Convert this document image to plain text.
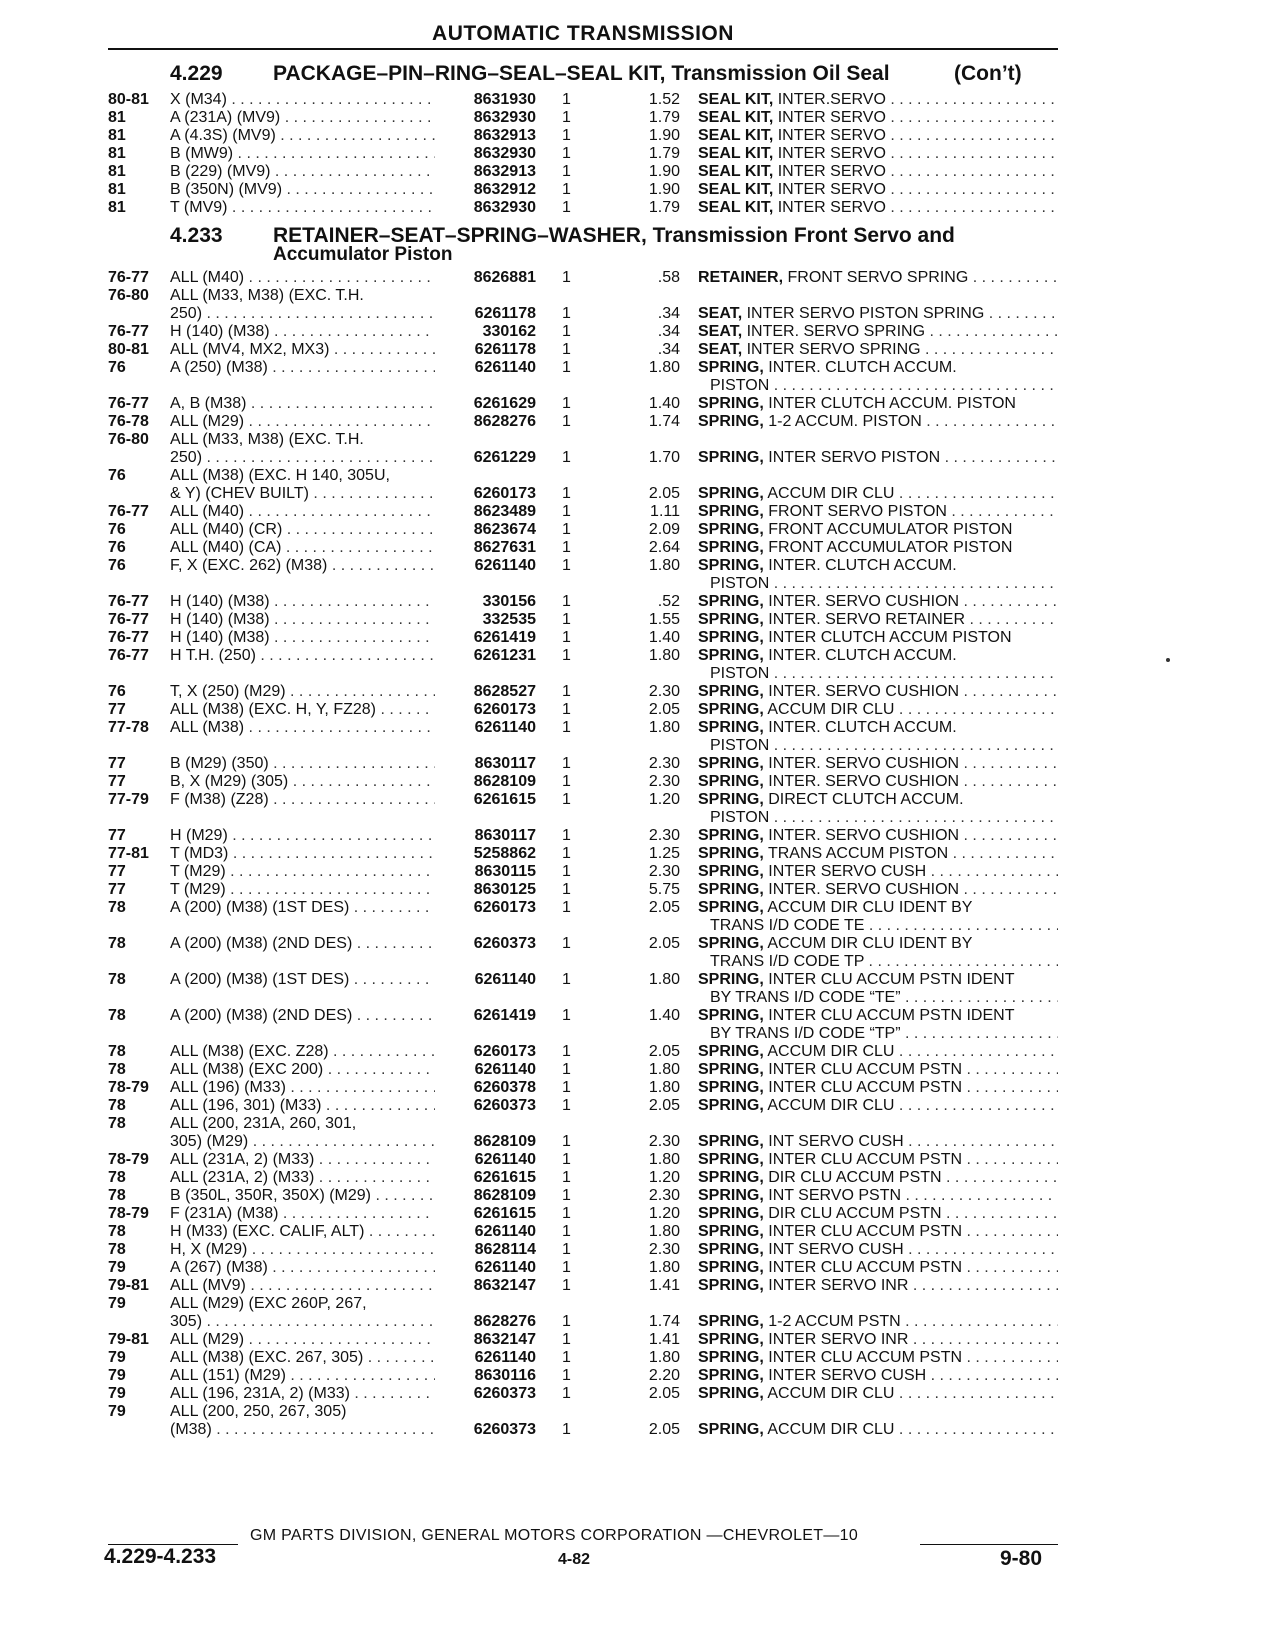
AUTOMATIC TRANSMISSION
4.229 PACKAGE–PIN–RING–SEAL–SEAL KIT, Transmission Oil Seal	(Con’t)
4.233 RETAINER–SEAT–SPRING–WASHER, Transmission Front Servo and
Accumulator Piston
80-81 X (M34) . . .	8631930 1	1.52 SEAL KIT, INTER.SERVO . . .
81	A (231A) (MV9) . . .	8632930 1	1.79 SEAL KIT, INTER SERVO . . .
81	A (4.3S) (MV9) . . .	8632913 1	1.90 SEAL KIT, INTER SERVO . . .
81	B (MW9) . . .	8632930 1	1.79 SEAL KIT, INTER SERVO . . .
81	B (229) (MV9) . . .	8632913 1	1.90 SEAL KIT, INTER SERVO . . .
81	B (350N) (MV9) . . .	8632912 1	1.90 SEAL KIT, INTER SERVO . . .
81	T (MV9) . . .	8632930 1	1.79 SEAL KIT, INTER SERVO . . .
76-77 ALL (M40) . . .	8626881 1	.58 RETAINER, FRONT SERVO SPRING . . .
76-80 ALL (M33, M38) (EXC. T.H.
250) . . .	6261178 1	.34 SEAT, INTER SERVO PISTON SPRING . . .
76-77 H (140) (M38) . . .	330162 1	.34 SEAT, INTER. SERVO SPRING . . .
80-81 ALL (MV4, MX2, MX3) . . .	6261178 1	.34 SEAT, INTER SERVO SPRING . . .
76	A (250) (M38) . . .	6261140 1	1.80 SPRING, INTER. CLUTCH ACCUM.
PISTON . . .
76-77 A, B (M38) . . .	6261629 1	1.40 SPRING, INTER CLUTCH ACCUM. PISTON
76-78 ALL (M29) . . .	8628276 1	1.74 SPRING, 1-2 ACCUM. PISTON . . .
76-80 ALL (M33, M38) (EXC. T.H.
250) . . .	6261229 1	1.70 SPRING, INTER SERVO PISTON . . .
76	ALL (M38) (EXC. H 140, 305U,
& Y) (CHEV BUILT) . . .	6260173 1	2.05 SPRING, ACCUM DIR CLU . . .
76-77 ALL (M40) . . .	8623489 1	1.11 SPRING, FRONT SERVO PISTON . . .
76	ALL (M40) (CR) . . .	8623674 1	2.09 SPRING, FRONT ACCUMULATOR PISTON
76	ALL (M40) (CA) . . .	8627631 1	2.64 SPRING, FRONT ACCUMULATOR PISTON
76	F, X (EXC. 262) (M38) . . .	6261140 1	1.80 SPRING, INTER. CLUTCH ACCUM.
PISTON . . .
76-77 H (140) (M38) . . .	330156 1	.52 SPRING, INTER. SERVO CUSHION . . .
76-77 H (140) (M38) . . .	332535 1	1.55 SPRING, INTER. SERVO RETAINER . . .
76-77 H (140) (M38) . . .	6261419 1	1.40 SPRING, INTER CLUTCH ACCUM PISTON
76-77 H T.H. (250) . . .	6261231 1	1.80 SPRING, INTER. CLUTCH ACCUM.
PISTON . . .
76	T, X (250) (M29) . . .	8628527 1	2.30 SPRING, INTER. SERVO CUSHION . . .
77	ALL (M38) (EXC. H, Y, FZ28) . . .	6260173 1	2.05 SPRING, ACCUM DIR CLU . . .
77-78 ALL (M38) . . .	6261140 1	1.80 SPRING, INTER. CLUTCH ACCUM.
PISTON . . .
77	B (M29) (350) . . .	8630117 1	2.30 SPRING, INTER. SERVO CUSHION . . .
77	B, X (M29) (305) . . .	8628109 1	2.30 SPRING, INTER. SERVO CUSHION . . .
77-79 F (M38) (Z28) . . .	6261615 1	1.20 SPRING, DIRECT CLUTCH ACCUM.
PISTON . . .
77	H (M29) . . .	8630117 1	2.30 SPRING, INTER. SERVO CUSHION . . .
77-81 T (MD3) . . .	5258862 1	1.25 SPRING, TRANS ACCUM PISTON . . .
77	T (M29) . . .	8630115 1	2.30 SPRING, INTER SERVO CUSH . . .
77	T (M29) . . .	8630125 1	5.75 SPRING, INTER. SERVO CUSHION . . .
78	A (200) (M38) (1ST DES) . . .	6260173 1	2.05 SPRING, ACCUM DIR CLU IDENT BY
TRANS I/D CODE TE . . .
78	A (200) (M38) (2ND DES) . . .	6260373 1	2.05 SPRING, ACCUM DIR CLU IDENT BY
TRANS I/D CODE TP . . .
78	A (200) (M38) (1ST DES) . . .	6261140 1	1.80 SPRING, INTER CLU ACCUM PSTN IDENT
BY TRANS I/D CODE “TE” . . .
78	A (200) (M38) (2ND DES) . . .	6261419 1	1.40 SPRING, INTER CLU ACCUM PSTN IDENT
BY TRANS I/D CODE “TP” . . .
78	ALL (M38) (EXC. Z28) . . .	6260173 1	2.05 SPRING, ACCUM DIR CLU . . .
78	ALL (M38) (EXC 200) . . .	6261140 1	1.80 SPRING, INTER CLU ACCUM PSTN . . .
78-79 ALL (196) (M33) . . .	6260378 1	1.80 SPRING, INTER CLU ACCUM PSTN . . .
78	ALL (196, 301) (M33) . . .	6260373 1	2.05 SPRING, ACCUM DIR CLU . . .
78	ALL (200, 231A, 260, 301,
305) (M29) . . .	8628109 1	2.30 SPRING, INT SERVO CUSH . . .
78-79 ALL (231A, 2) (M33) . . .	6261140 1	1.80 SPRING, INTER CLU ACCUM PSTN . . .
78	ALL (231A, 2) (M33) . . .	6261615 1	1.20 SPRING, DIR CLU ACCUM PSTN . . .
78	B (350L, 350R, 350X) (M29) . . .	8628109 1	2.30 SPRING, INT SERVO PSTN . . .
78-79 F (231A) (M38) . . .	6261615 1	1.20 SPRING, DIR CLU ACCUM PSTN . . .
78	H (M33) (EXC. CALIF, ALT) . . .	6261140 1	1.80 SPRING, INTER CLU ACCUM PSTN . . .
78	H, X (M29) . . .	8628114 1	2.30 SPRING, INT SERVO CUSH . . .
79	A (267) (M38) . . .	6261140 1	1.80 SPRING, INTER CLU ACCUM PSTN . . .
79-81 ALL (MV9) . . .	8632147 1	1.41 SPRING, INTER SERVO INR . . .
79	ALL (M29) (EXC 260P, 267,
305) . . .	8628276 1	1.74 SPRING, 1-2 ACCUM PSTN . . .
79-81 ALL (M29) . . .	8632147 1	1.41 SPRING, INTER SERVO INR . . .
79	ALL (M38) (EXC. 267, 305) . . .	6261140 1	1.80 SPRING, INTER CLU ACCUM PSTN . . .
79	ALL (151) (M29) . . .	8630116 1	2.20 SPRING, INTER SERVO CUSH . . .
79	ALL (196, 231A, 2) (M33) . . .	6260373 1	2.05 SPRING, ACCUM DIR CLU . . .
79	ALL (200, 250, 267, 305)
(M38) . . .	6260373 1	2.05 SPRING, ACCUM DIR CLU . . .
GM PARTS DIVISION, GENERAL MOTORS CORPORATION —CHEVROLET—10
4.229-4.233	4-82	9-80
